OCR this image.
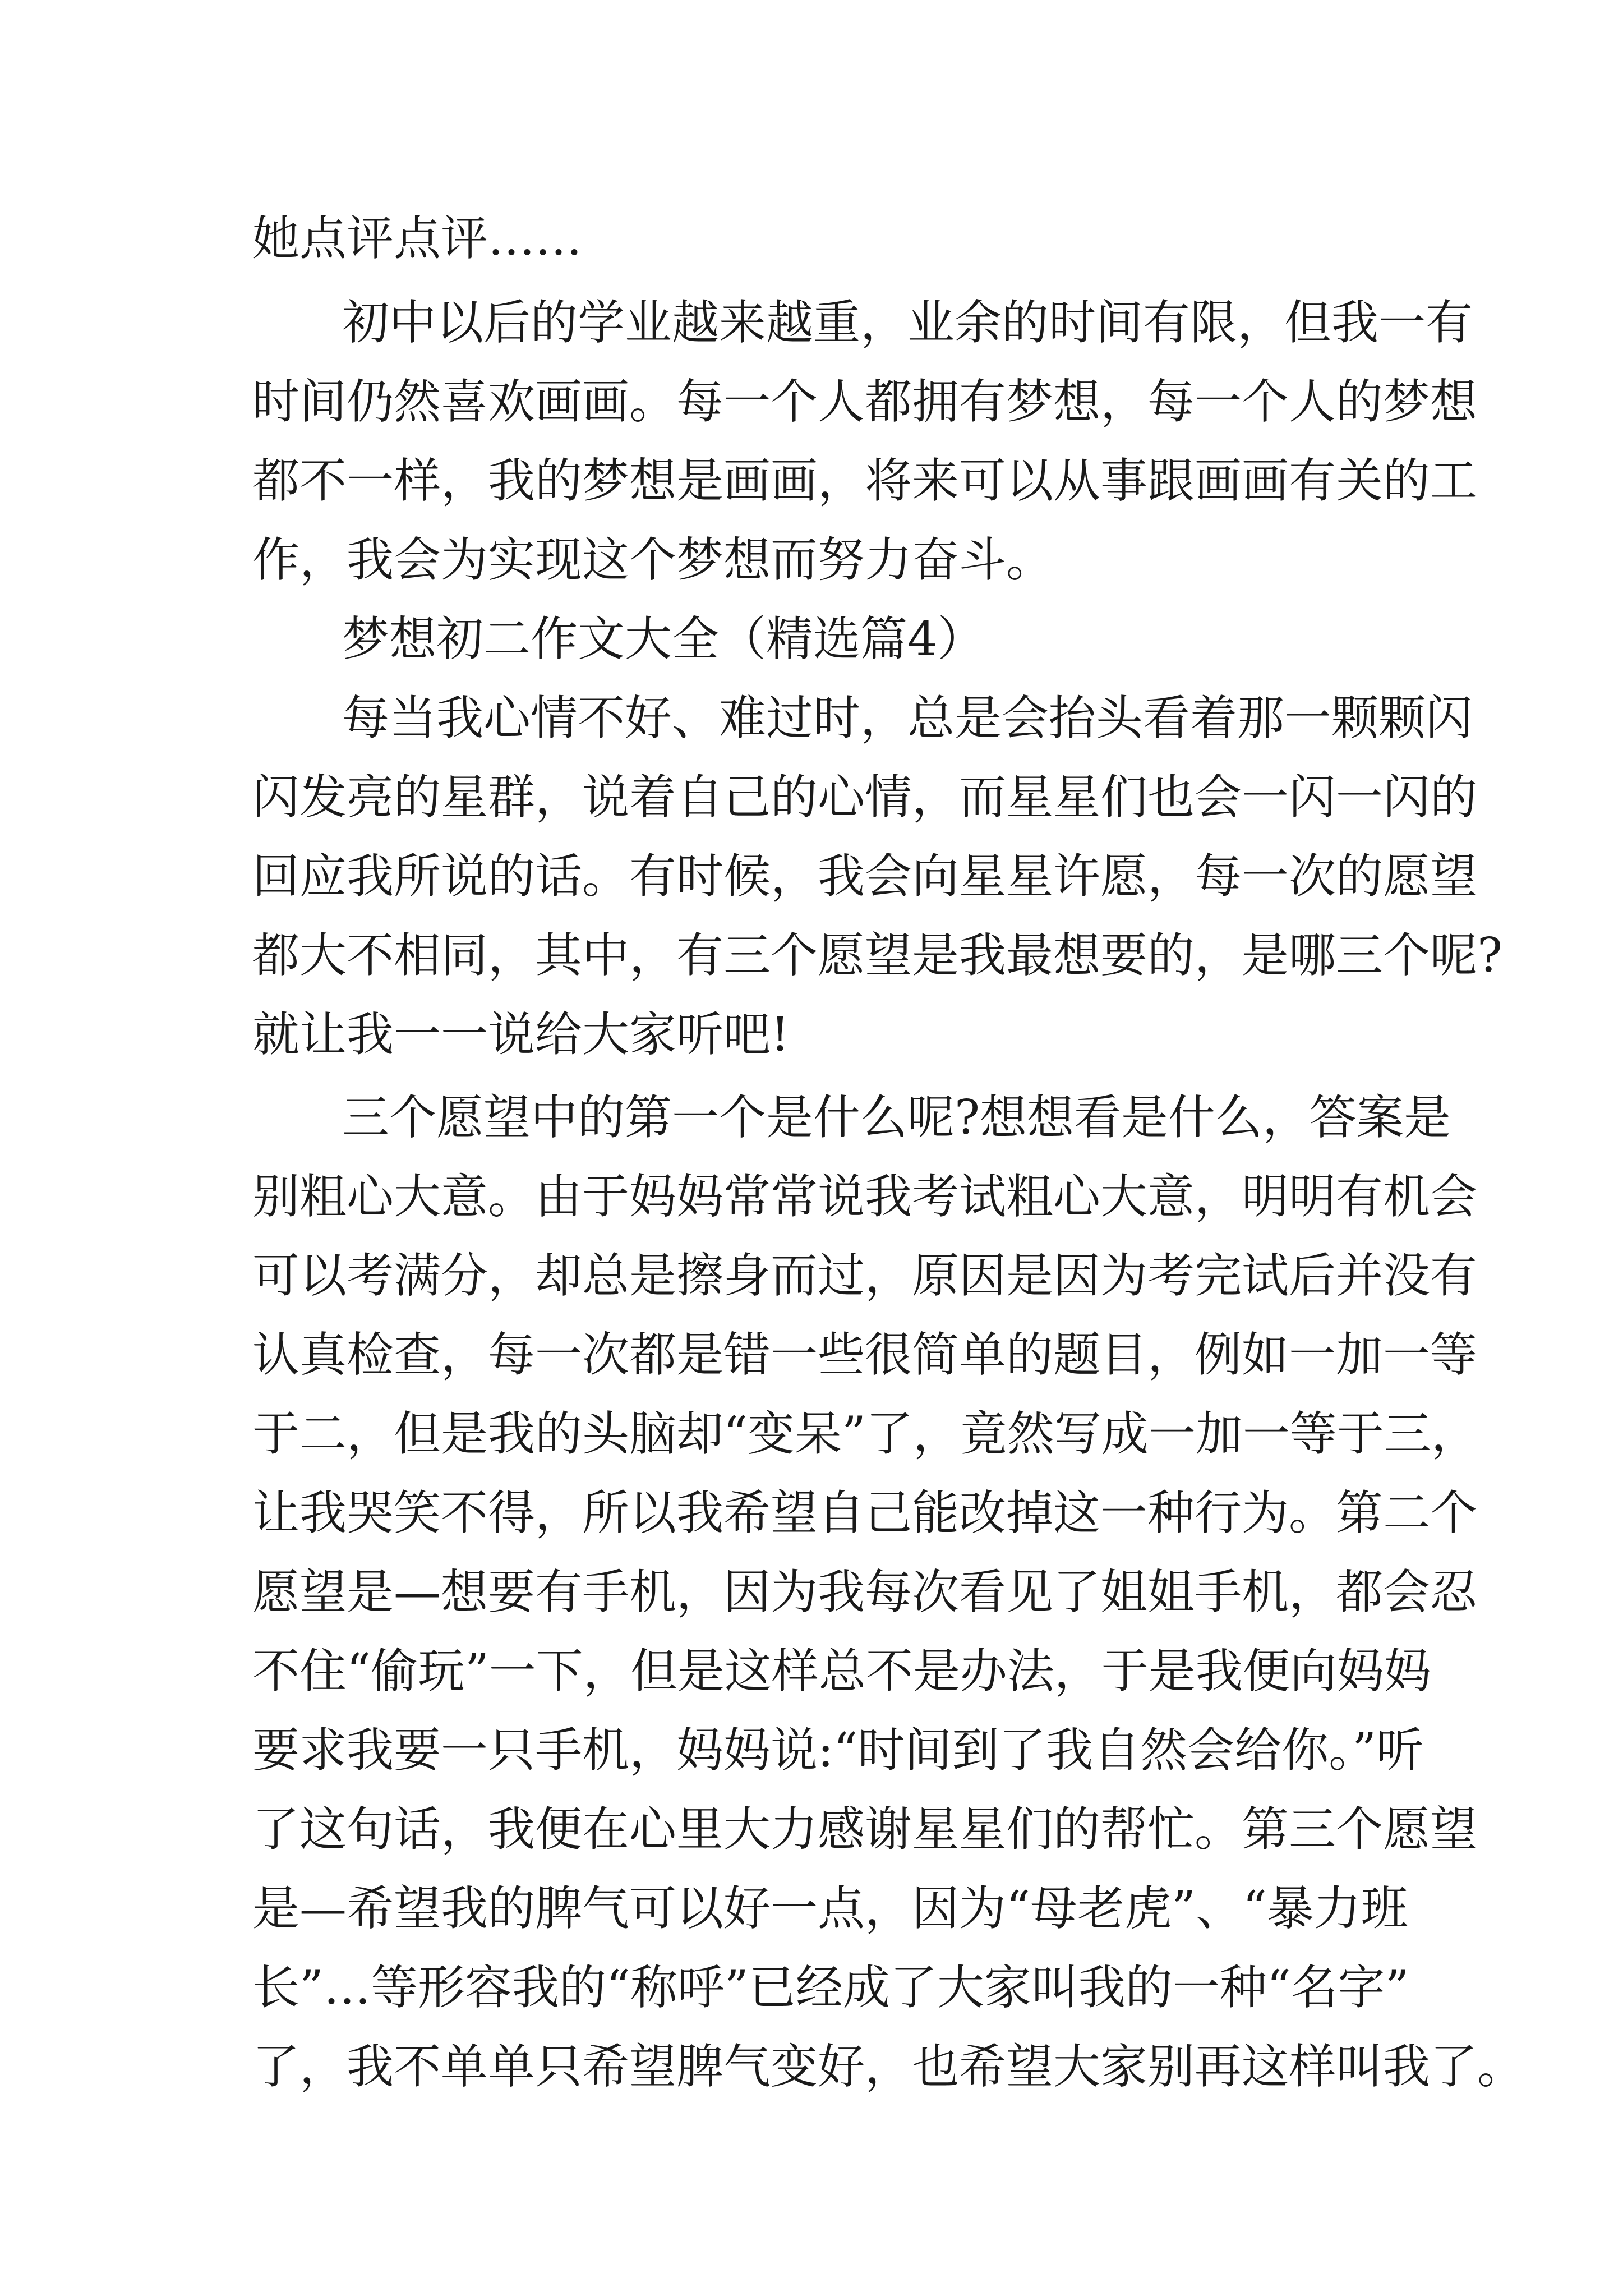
她点评点评……

初中以后的学业越来越重，业余的时间有限，但我一有

时间仍然喜欢画画。每一个人都拥有梦想，每一个人的梦想

都不一样，我的梦想是画画，将来可以从事跟画画有关的工

作，我会为实现这个梦想而努力奋斗。

梦想初二作文大全（精选篇4）

每当我心情不好、难过时，总是会抬头看着那一颗颗闪

闪发亮的星群，说着自己的心情，而星星们也会一闪一闪的

回应我所说的话。有时候，我会向星星许愿，每一次的愿望

都大不相同，其中，有三个愿望是我最想要的，是哪三个呢?

就让我一一说给大家听吧!

三个愿望中的第一个是什么呢?想想看是什么，答案是

别粗心大意。由于妈妈常常说我考试粗心大意，明明有机会

可以考满分，却总是擦身而过，原因是因为考完试后并没有

认真检查，每一次都是错一些很简单的题目，例如一加一等

于二，但是我的头脑却“变呆”了，竟然写成一加一等于三，

让我哭笑不得，所以我希望自己能改掉这一种行为。第二个

愿望是—想要有手机，因为我每次看见了姐姐手机，都会忍

不住“偷玩”一下，但是这样总不是办法，于是我便向妈妈

要求我要一只手机，妈妈说:“时间到了我自然会给你。”听

了这句话，我便在心里大力感谢星星们的帮忙。第三个愿望

是—希望我的脾气可以好一点，因为“母老虎”、“暴力班

长”…等形容我的“称呼”已经成了大家叫我的一种“名字”

了，我不单单只希望脾气变好，也希望大家别再这样叫我了。
